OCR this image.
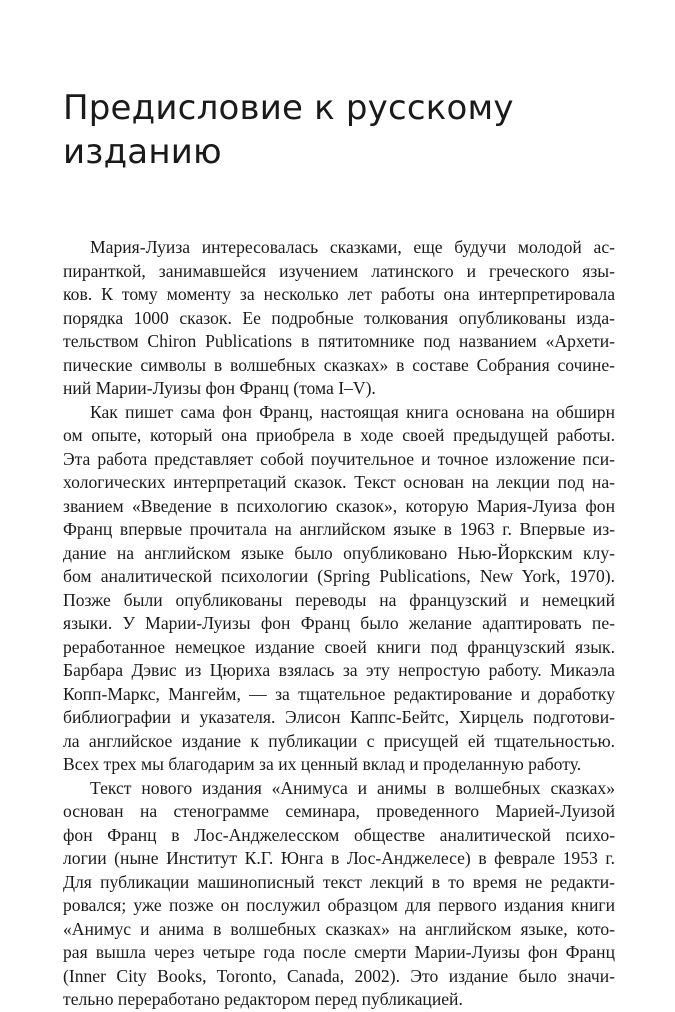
Предисловие к русскому
изданию

Мария-Луиза интересовалась сказками, еще будучи молодой ас-
пиранткой, занимавшейся изучением латинского и греческого язы-
ков. К тому моменту за несколько лет работы она интерпретировала
порядка 1000 сказок. Ее подробные толкования опубликованы изда-
тельством Chiron Publications в пятитомнике под названием «Архети-
пические символы в волшебных сказках» в составе Собрания сочине-
ний Марии-Луизы фон Франц (тома I–V).

Как пишет сама фон Франц, настоящая книга основана на обширн
ом опыте, который она приобрела в ходе своей предыдущей работы.
Эта работа представляет собой поучительное и точное изложение пси-
хологических интерпретаций сказок. Текст основан на лекции под на-
званием «Введение в психологию сказок», которую Мария-Луиза фон
Франц впервые прочитала на английском языке в 1963 г. Впервые из-
дание на английском языке было опубликовано Нью-Йоркским клу-
бом аналитической психологии (Spring Publications, New York, 1970).
Позже были опубликованы переводы на французский и немецкий
языки. У Марии-Луизы фон Франц было желание адаптировать пе-
реработанное немецкое издание своей книги под французский язык.
Барбара Дэвис из Цюриха взялась за эту непростую работу. Микаэла
Копп-Маркс, Мангейм, — за тщательное редактирование и доработку
библиографии и указателя. Элисон Каппс-Бейтс, Хирцель подготови-
ла английское издание к публикации с присущей ей тщательностью.
Всех трех мы благодарим за их ценный вклад и проделанную работу.

Текст нового издания «Анимуса и анимы в волшебных сказках»
основан на стенограмме семинара, проведенного Марией-Луизой
фон Франц в Лос-Анджелесском обществе аналитической психо-
логии (ныне Институт К.Г. Юнга в Лос-Анджелесе) в феврале 1953 г.
Для публикации машинописный текст лекций в то время не редакти-
ровался; уже позже он послужил образцом для первого издания книги
«Анимус и анима в волшебных сказках» на английском языке, кото-
рая вышла через четыре года после смерти Марии-Луизы фон Франц
(Inner City Books, Toronto, Canada, 2002). Это издание было значи-
тельно переработано редактором перед публикацией.
